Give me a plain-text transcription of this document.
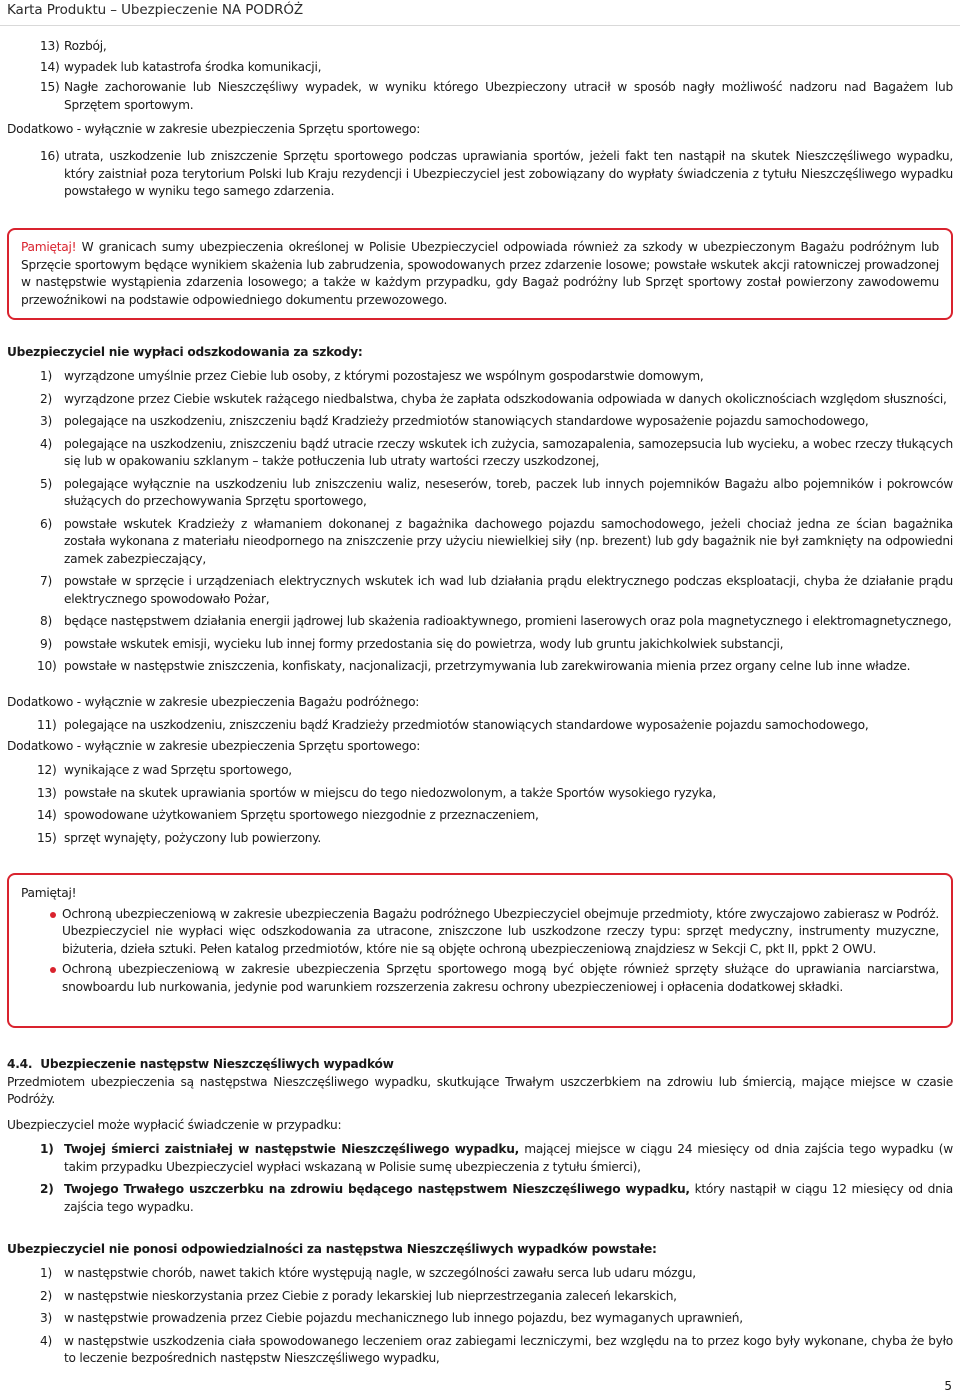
Karta Produktu – Ubezpieczenie NA PODRÓŻ
13) Rozbój,

14) wypadek lub katastrofa środka komunikacji,

15) Nagłe zachorowanie lub Nieszczęśliwy wypadek, w wyniku którego Ubezpieczony utracił w sposób nagły możliwość nadzoru nad Bagażem lub Sprzętem sportowym.

Dodatkowo - wyłącznie w zakresie ubezpieczenia Sprzętu sportowego:

16) utrata, uszkodzenie lub zniszczenie Sprzętu sportowego podczas uprawiania sportów, jeżeli fakt ten nastąpił na skutek Nieszczęśliwego wypadku, który zaistniał poza terytorium Polski lub Kraju rezydencji i Ubezpieczyciel jest zobowiązany do wypłaty świadczenia z tytułu Nieszczęśliwego wypadku powstałego w wyniku tego samego zdarzenia.

Pamiętaj! W granicach sumy ubezpieczenia określonej w Polisie Ubezpieczyciel odpowiada również za szkody w ubezpieczonym Bagażu podróżnym lub Sprzęcie sportowym będące wynikiem skażenia lub zabrudzenia, spowodowanych przez zdarzenie losowe; powstałe wskutek akcji ratowniczej prowadzonej w następstwie wystąpienia zdarzenia losowego; a także w każdym przypadku, gdy Bagaż podróżny lub Sprzęt sportowy został powierzony zawodowemu przewoźnikowi na podstawie odpowiedniego dokumentu przewozowego.

Ubezpieczyciel nie wypłaci odszkodowania za szkody:

1) wyrządzone umyślnie przez Ciebie lub osoby, z którymi pozostajesz we wspólnym gospodarstwie domowym,

2) wyrządzone przez Ciebie wskutek rażącego niedbalstwa, chyba że zapłata odszkodowania odpowiada w danych okolicznościach względom słuszności,

3) polegające na uszkodzeniu, zniszczeniu bądź Kradzieży przedmiotów stanowiących standardowe wyposażenie pojazdu samochodowego,

4) polegające na uszkodzeniu, zniszczeniu bądź utracie rzeczy wskutek ich zużycia, samozapalenia, samozepsucia lub wycieku, a wobec rzeczy tłukących się lub w opakowaniu szklanym – także potłuczenia lub utraty wartości rzeczy uszkodzonej,

5) polegające wyłącznie na uszkodzeniu lub zniszczeniu waliz, neseserów, toreb, paczek lub innych pojemników Bagażu albo pojemników i pokrowców służących do przechowywania Sprzętu sportowego,

6) powstałe wskutek Kradzieży z włamaniem dokonanej z bagażnika dachowego pojazdu samochodowego, jeżeli chociaż jedna ze ścian bagażnika została wykonana z materiału nieodpornego na zniszczenie przy użyciu niewielkiej siły (np. brezent) lub gdy bagażnik nie był zamknięty na odpowiedni zamek zabezpieczający,

7) powstałe w sprzęcie i urządzeniach elektrycznych wskutek ich wad lub działania prądu elektrycznego podczas eksploatacji, chyba że działanie prądu elektrycznego spowodowało Pożar,

8) będące następstwem działania energii jądrowej lub skażenia radioaktywnego, promieni laserowych oraz pola magnetycznego i elektromagnetycznego,

9) powstałe wskutek emisji, wycieku lub innej formy przedostania się do powietrza, wody lub gruntu jakichkolwiek substancji,

10) powstałe w następstwie zniszczenia, konfiskaty, nacjonalizacji, przetrzymywania lub zarekwirowania mienia przez organy celne lub inne władze.

Dodatkowo - wyłącznie w zakresie ubezpieczenia Bagażu podróżnego:

11) polegające na uszkodzeniu, zniszczeniu bądź Kradzieży przedmiotów stanowiących standardowe wyposażenie pojazdu samochodowego,

Dodatkowo - wyłącznie w zakresie ubezpieczenia Sprzętu sportowego:

12) wynikające z wad Sprzętu sportowego,

13) powstałe na skutek uprawiania sportów w miejscu do tego niedozwolonym, a także Sportów wysokiego ryzyka,

14) spowodowane użytkowaniem Sprzętu sportowego niezgodnie z przeznaczeniem,

15) sprzęt wynajęty, pożyczony lub powierzony.

Pamiętaj!

Ochroną ubezpieczeniową w zakresie ubezpieczenia Bagażu podróżnego Ubezpieczyciel obejmuje przedmioty, które zwyczajowo zabierasz w Podróż. Ubezpieczyciel nie wypłaci więc odszkodowania za utracone, zniszczone lub uszkodzone rzeczy typu: sprzęt medyczny, instrumenty muzyczne, biżuteria, dzieła sztuki. Pełen katalog przedmiotów, które nie są objęte ochroną ubezpieczeniową znajdziesz w Sekcji C, pkt II, ppkt 2 OWU.

Ochroną ubezpieczeniową w zakresie ubezpieczenia Sprzętu sportowego mogą być objęte również sprzęty służące do uprawiania narciarstwa, snowboardu lub nurkowania, jedynie pod warunkiem rozszerzenia zakresu ochrony ubezpieczeniowej i opłacenia dodatkowej składki.

4.4.  Ubezpieczenie następstw Nieszczęśliwych wypadków

Przedmiotem ubezpieczenia są następstwa Nieszczęśliwego wypadku, skutkujące Trwałym uszczerbkiem na zdrowiu lub śmiercią, mające miejsce w czasie Podróży.

Ubezpieczyciel może wypłacić świadczenie w przypadku:

1) Twojej śmierci zaistniałej w następstwie Nieszczęśliwego wypadku, mającej miejsce w ciągu 24 miesięcy od dnia zajścia tego wypadku (w takim przypadku Ubezpieczyciel wypłaci wskazaną w Polisie sumę ubezpieczenia z tytułu śmierci),

2) Twojego Trwałego uszczerbku na zdrowiu będącego następstwem Nieszczęśliwego wypadku, który nastąpił w ciągu 12 miesięcy od dnia zajścia tego wypadku.

Ubezpieczyciel nie ponosi odpowiedzialności za następstwa Nieszczęśliwych wypadków powstałe:

1) w następstwie chorób, nawet takich które występują nagle, w szczególności zawału serca lub udaru mózgu,

2) w następstwie nieskorzystania przez Ciebie z porady lekarskiej lub nieprzestrzegania zaleceń lekarskich,

3) w następstwie prowadzenia przez Ciebie pojazdu mechanicznego lub innego pojazdu, bez wymaganych uprawnień,

4) w następstwie uszkodzenia ciała spowodowanego leczeniem oraz zabiegami leczniczymi, bez względu na to przez kogo były wykonane, chyba że było to leczenie bezpośrednich następstw Nieszczęśliwego wypadku,

5
